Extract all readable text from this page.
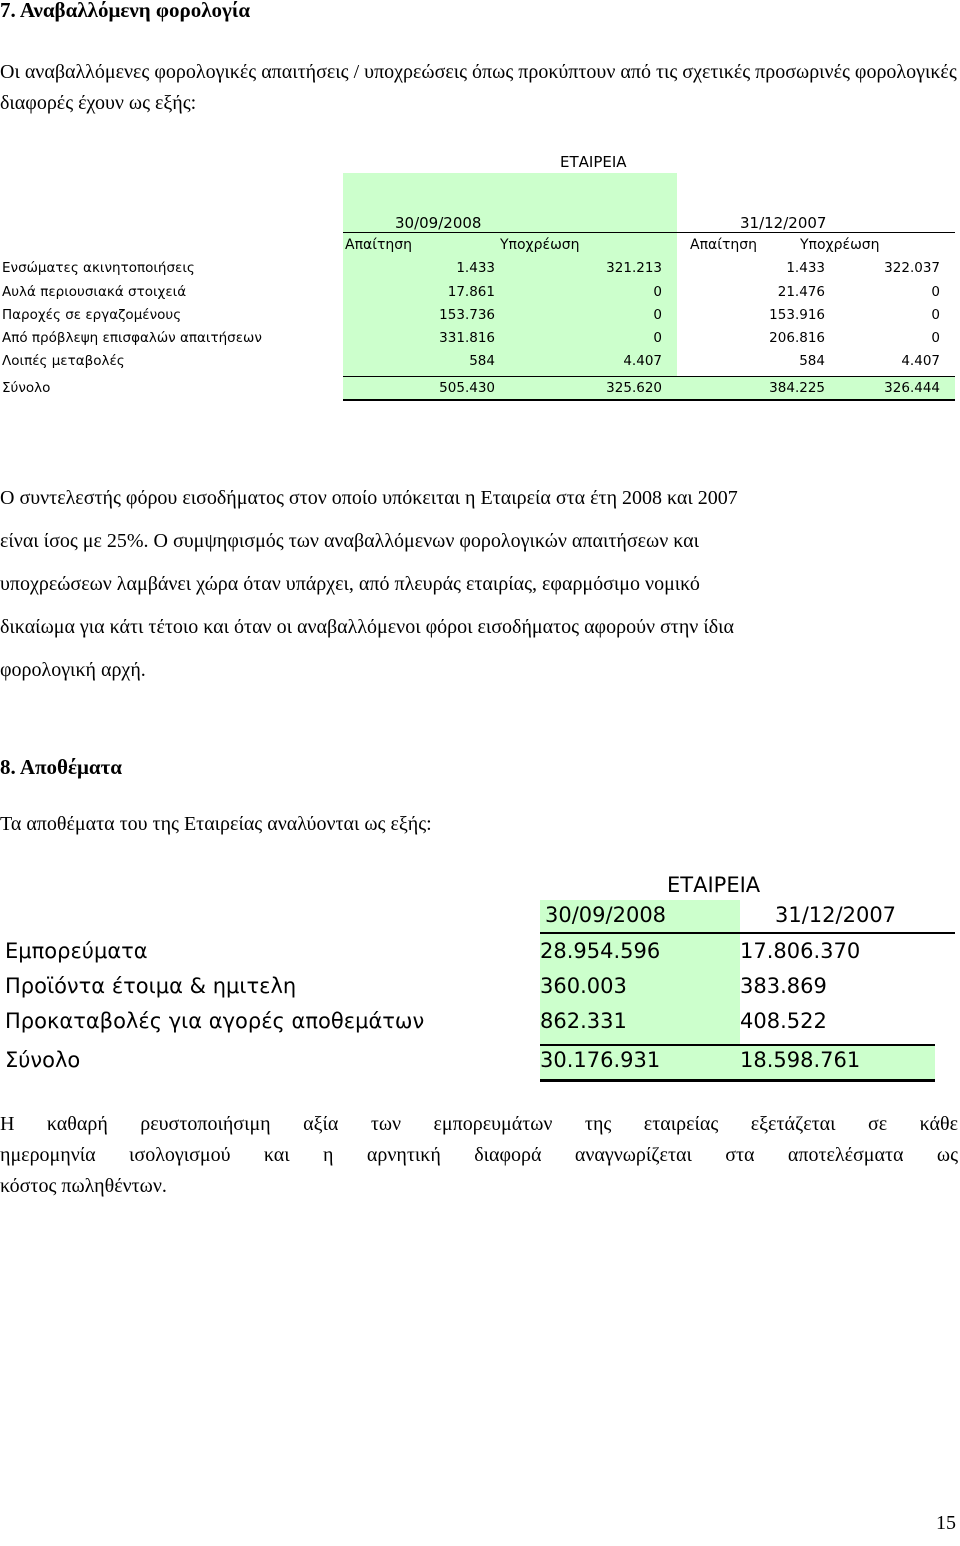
7. Αναβαλλόμενη φορολογία
Οι αναβαλλόμενες φορολογικές απαιτήσεις / υποχρεώσεις όπως προκύπτουν από τις σχετικές προσωρινές φορολογικές διαφορές έχουν ως εξής:
ΕΤΑΙΡΕΙΑ
30/09/2008	31/12/2007
Απαίτηση	Υποχρέωση	Απαίτηση	Υποχρέωση
Ενσώματες ακινητοποιήσεις	1.433	321.213	1.433	322.037
Αυλά περιουσιακά στοιχειά	17.861	0	21.476	0
Παροχές σε εργαζομένους	153.736	0	153.916	0
Από πρόβλεψη επισφαλών απαιτήσεων	331.816	0	206.816	0
Λοιπές μεταβολές	584	4.407	584	4.407
Σύνολο	505.430	325.620	384.225	326.444
Ο συντελεστής φόρου εισοδήματος στον οποίο υπόκειται η Εταιρεία στα έτη 2008 και 2007
είναι ίσος με 25%. Ο συμψηφισμός των αναβαλλόμενων φορολογικών απαιτήσεων και
υποχρεώσεων λαμβάνει χώρα όταν υπάρχει, από πλευράς εταιρίας, εφαρμόσιμο νομικό
δικαίωμα για κάτι τέτοιο και όταν οι αναβαλλόμενοι φόροι εισοδήματος αφορούν στην ίδια
φορολογική αρχή.
8. Αποθέματα
Τα αποθέματα του της Εταιρείας αναλύονται ως εξής:
ΕΤΑΙΡΕΙΑ
30/09/2008	31/12/2007
Εμπορεύματα	28.954.596	17.806.370
Προϊόντα έτοιμα & ημιτελη	360.003	383.869
Προκαταβολές για αγορές αποθεμάτων	862.331	408.522
Σύνολο	30.176.931	18.598.761
Η καθαρή ρευστοποιήσιμη αξία των εμπορευμάτων της εταιρείας εξετάζεται σε κάθε
ημερομηνία ισολογισμού και η αρνητική διαφορά αναγνωρίζεται στα αποτελέσματα ως
κόστος πωληθέντων.
15
